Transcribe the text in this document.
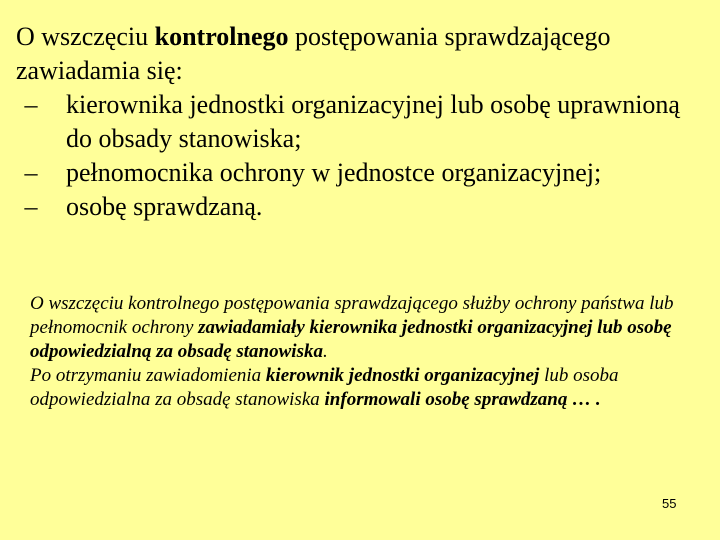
O wszczęciu kontrolnego postępowania sprawdzającego zawiadamia się:

–	kierownika jednostki organizacyjnej lub osobę uprawnioną do obsady stanowiska;
–	pełnomocnika ochrony w jednostce organizacyjnej;
–	osobę sprawdzaną.

O wszczęciu kontrolnego postępowania sprawdzającego służby ochrony państwa lub pełnomocnik ochrony zawiadamiały kierownika jednostki organizacyjnej lub osobę odpowiedzialną za obsadę stanowiska.

Po otrzymaniu zawiadomienia kierownik jednostki organizacyjnej lub osoba odpowiedzialna za obsadę stanowiska informowali osobę sprawdzaną … .

55
